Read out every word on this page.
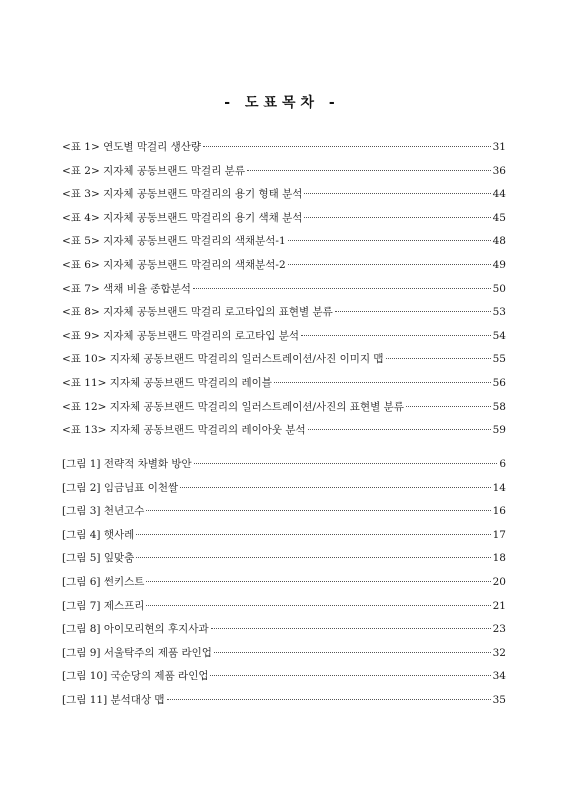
- 도표목차 -
<표 1> 연도별 막걸리 생산량	31
<표 2> 지자체 공동브랜드 막걸리 분류	36
<표 3> 지자체 공동브랜드 막걸리의 용기 형태 분석	44
<표 4> 지자체 공동브랜드 막걸리의 용기 색채 분석	45
<표 5> 지자체 공동브랜드 막걸리의 색채분석-1	48
<표 6> 지자체 공동브랜드 막걸리의 색채분석-2	49
<표 7> 색채 비율 종합분석	50
<표 8> 지자체 공동브랜드 막걸리 로고타입의 표현별 분류	53
<표 9> 지자체 공동브랜드 막걸리의 로고타입 분석	54
<표 10> 지자체 공동브랜드 막걸리의 일러스트레이션/사진 이미지 맵	55
<표 11> 지자체 공동브랜드 막걸리의 레이블	56
<표 12> 지자체 공동브랜드 막걸리의 일러스트레이션/사진의 표현별 분류	58
<표 13> 지자체 공동브랜드 막걸리의 레이아웃 분석	59
[그림 1] 전략적 차별화 방안	6
[그림 2] 임금님표 이천쌀	14
[그림 3] 천년고수	16
[그림 4] 햇사레	17
[그림 5] 잎맞춤	18
[그림 6] 썬키스트	20
[그림 7] 제스프리	21
[그림 8] 아이모리현의 후지사과	23
[그림 9] 서울탁주의 제품 라인업	32
[그림 10] 국순당의 제품 라인업	34
[그림 11] 분석대상 맵	35
